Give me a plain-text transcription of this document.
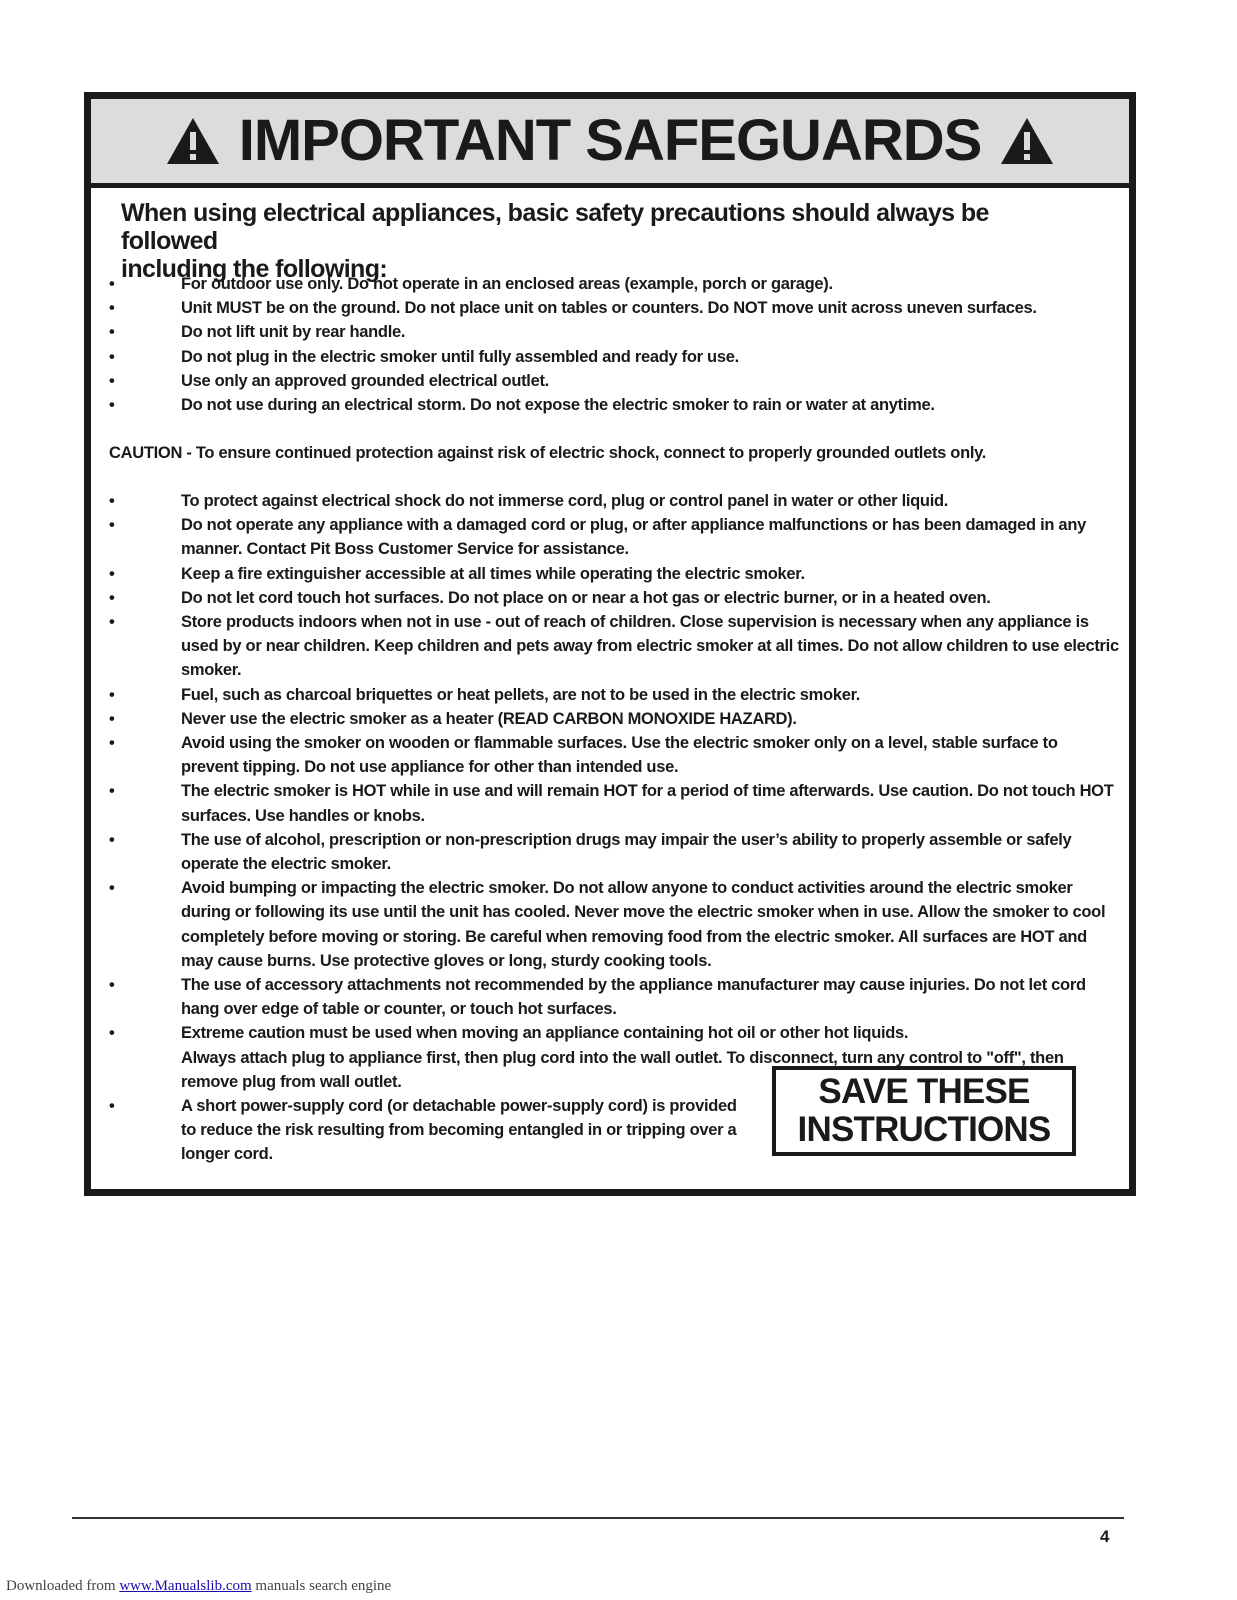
IMPORTANT SAFEGUARDS
When using electrical appliances, basic safety precautions should always be followed
including the following:
•	For outdoor use only. Do not operate in an enclosed areas (example, porch or garage).
•	Unit MUST be on the ground. Do not place unit on tables or counters. Do NOT move unit across uneven surfaces.
•	Do not lift unit by rear handle.
•	Do not plug in the electric smoker until fully assembled and ready for use.
•	Use only an approved grounded electrical outlet.
•	Do not use during an electrical storm. Do not expose the electric smoker to rain or water at anytime.
CAUTION - To ensure continued protection against risk of electric shock, connect to properly grounded outlets only.
•	To protect against electrical shock do not immerse cord, plug or control panel in water or other liquid.
•	Do not operate any appliance with a damaged cord or plug, or after appliance malfunctions or has been damaged in any manner. Contact Pit Boss Customer Service for assistance.
•	Keep a fire extinguisher accessible at all times while operating the electric smoker.
•	Do not let cord touch hot surfaces. Do not place on or near a hot gas or electric burner, or in a heated oven.
•	Store products indoors when not in use - out of reach of children. Close supervision is necessary when any appliance is used by or near children. Keep children and pets away from electric smoker at all times. Do not allow children to use electric smoker.
•	Fuel, such as charcoal briquettes or heat pellets, are not to be used in the electric smoker.
•	Never use the electric smoker as a heater (READ CARBON MONOXIDE HAZARD).
•	Avoid using the smoker on wooden or flammable surfaces. Use the electric smoker only on a level, stable surface to prevent tipping. Do not use appliance for other than intended use.
•	The electric smoker is HOT while in use and will remain HOT for a period of time afterwards. Use caution. Do not touch HOT surfaces. Use handles or knobs.
•	The use of alcohol, prescription or non-prescription drugs may impair the user’s ability to properly assemble or safely operate the electric smoker.
•	Avoid bumping or impacting the electric smoker. Do not allow anyone to conduct activities around the electric smoker during or following its use until the unit has cooled. Never move the electric smoker when in use. Allow the smoker to cool completely before moving or storing. Be careful when removing food from the electric smoker. All surfaces are HOT and may cause burns. Use protective gloves or long, sturdy cooking tools.
•	The use of accessory attachments not recommended by the appliance manufacturer may cause injuries. Do not let cord hang over edge of table or counter, or touch hot surfaces.
•	Extreme caution must be used when moving an appliance containing hot oil or other hot liquids.
Always attach plug to appliance first, then plug cord into the wall outlet. To disconnect, turn any control to "off", then remove plug from wall outlet.
•	A short power-supply cord (or detachable power-supply cord) is provided
to reduce the risk resulting from becoming entangled in or tripping over a
longer cord.
SAVE THESE
INSTRUCTIONS
4
Downloaded from www.Manualslib.com manuals search engine
